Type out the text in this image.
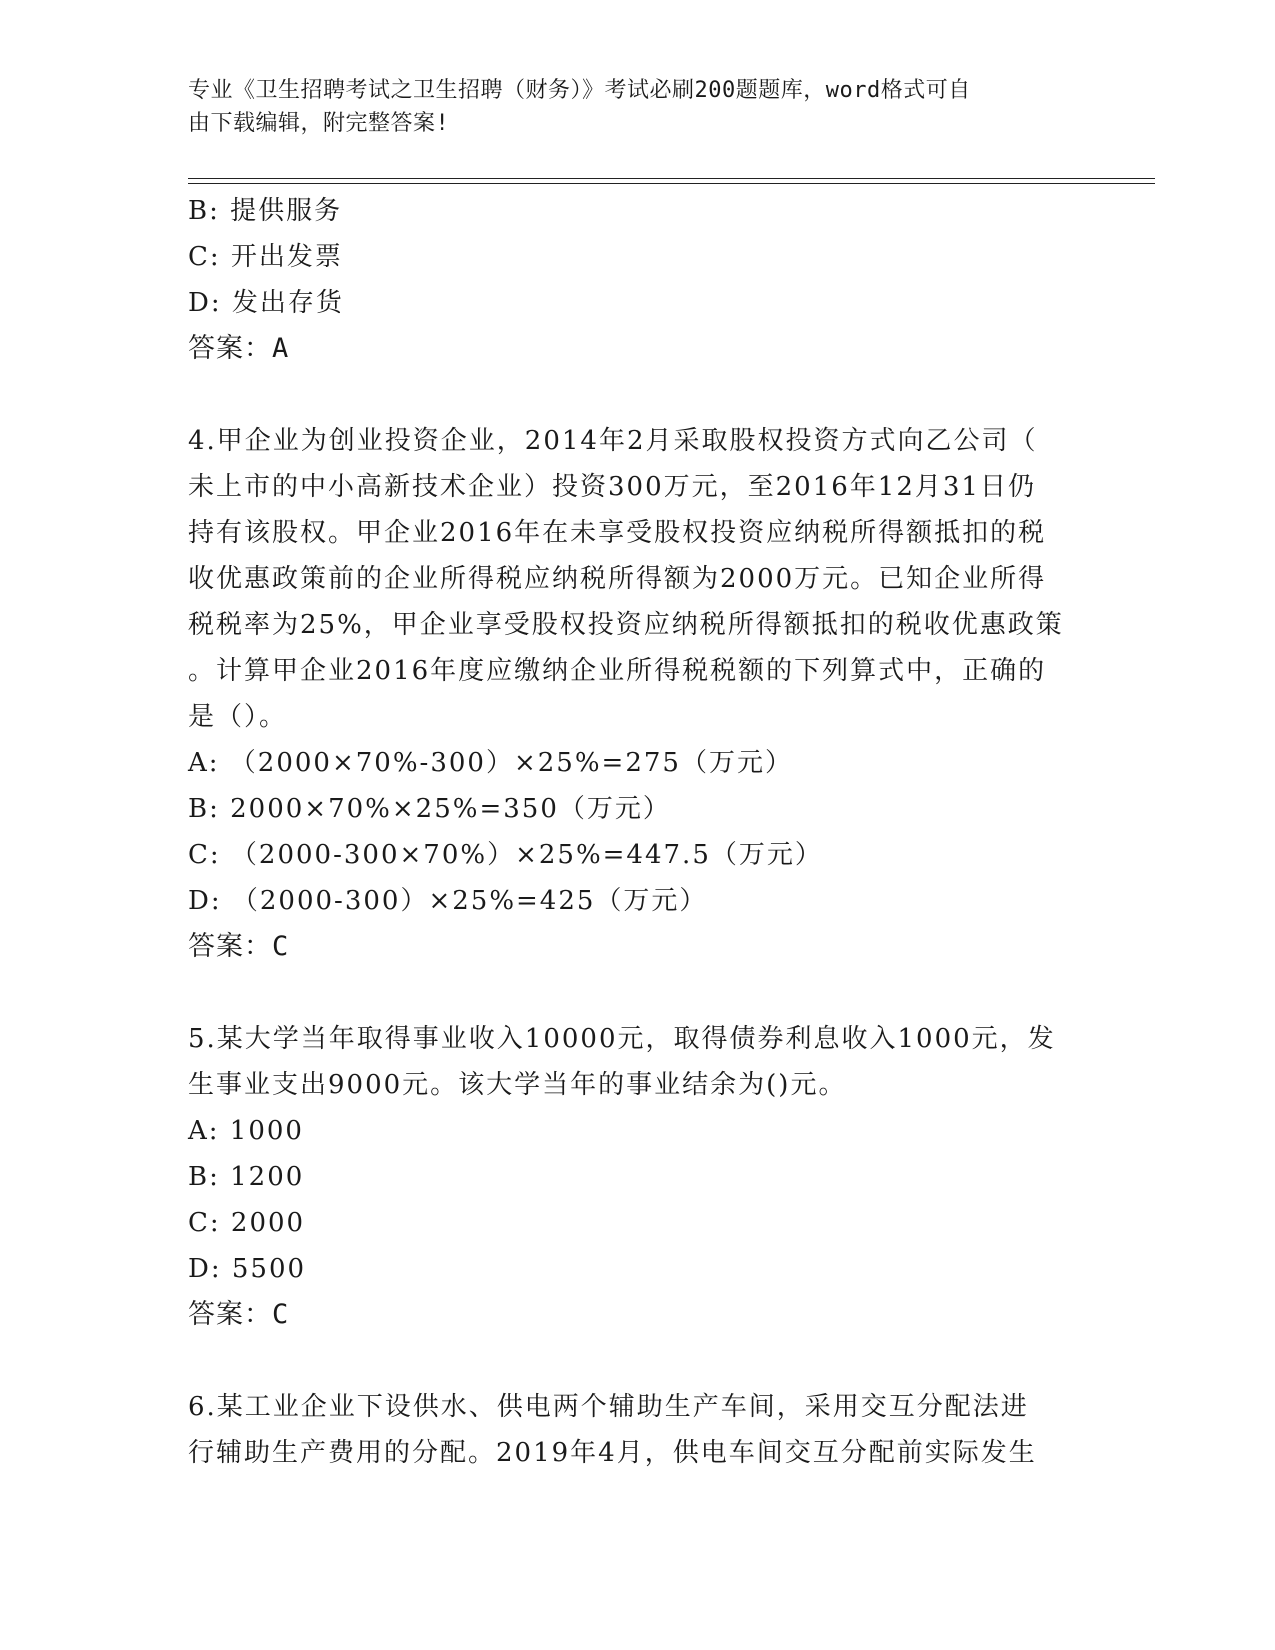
专业《卫生招聘考试之卫生招聘（财务）》考试必刷200题题库，word格式可自
由下载编辑，附完整答案!
B: 提供服务
C: 开出发票
D: 发出存货
答案：A
4.甲企业为创业投资企业，2014年2月采取股权投资方式向乙公司（
未上市的中小高新技术企业）投资300万元，至2016年12月31日仍
持有该股权。甲企业2016年在未享受股权投资应纳税所得额抵扣的税
收优惠政策前的企业所得税应纳税所得额为2000万元。已知企业所得
税税率为25%，甲企业享受股权投资应纳税所得额抵扣的税收优惠政策
。计算甲企业2016年度应缴纳企业所得税税额的下列算式中，正确的
是（）。
A: （2000×70%-300）×25%=275（万元）
B: 2000×70%×25%=350（万元）
C: （2000-300×70%）×25%=447.5（万元）
D: （2000-300）×25%=425（万元）
答案：C
5.某大学当年取得事业收入10000元，取得债券利息收入1000元，发
生事业支出9000元。该大学当年的事业结余为()元。
A: 1000
B: 1200
C: 2000
D: 5500
答案：C
6.某工业企业下设供水、供电两个辅助生产车间，采用交互分配法进
行辅助生产费用的分配。2019年4月，供电车间交互分配前实际发生
